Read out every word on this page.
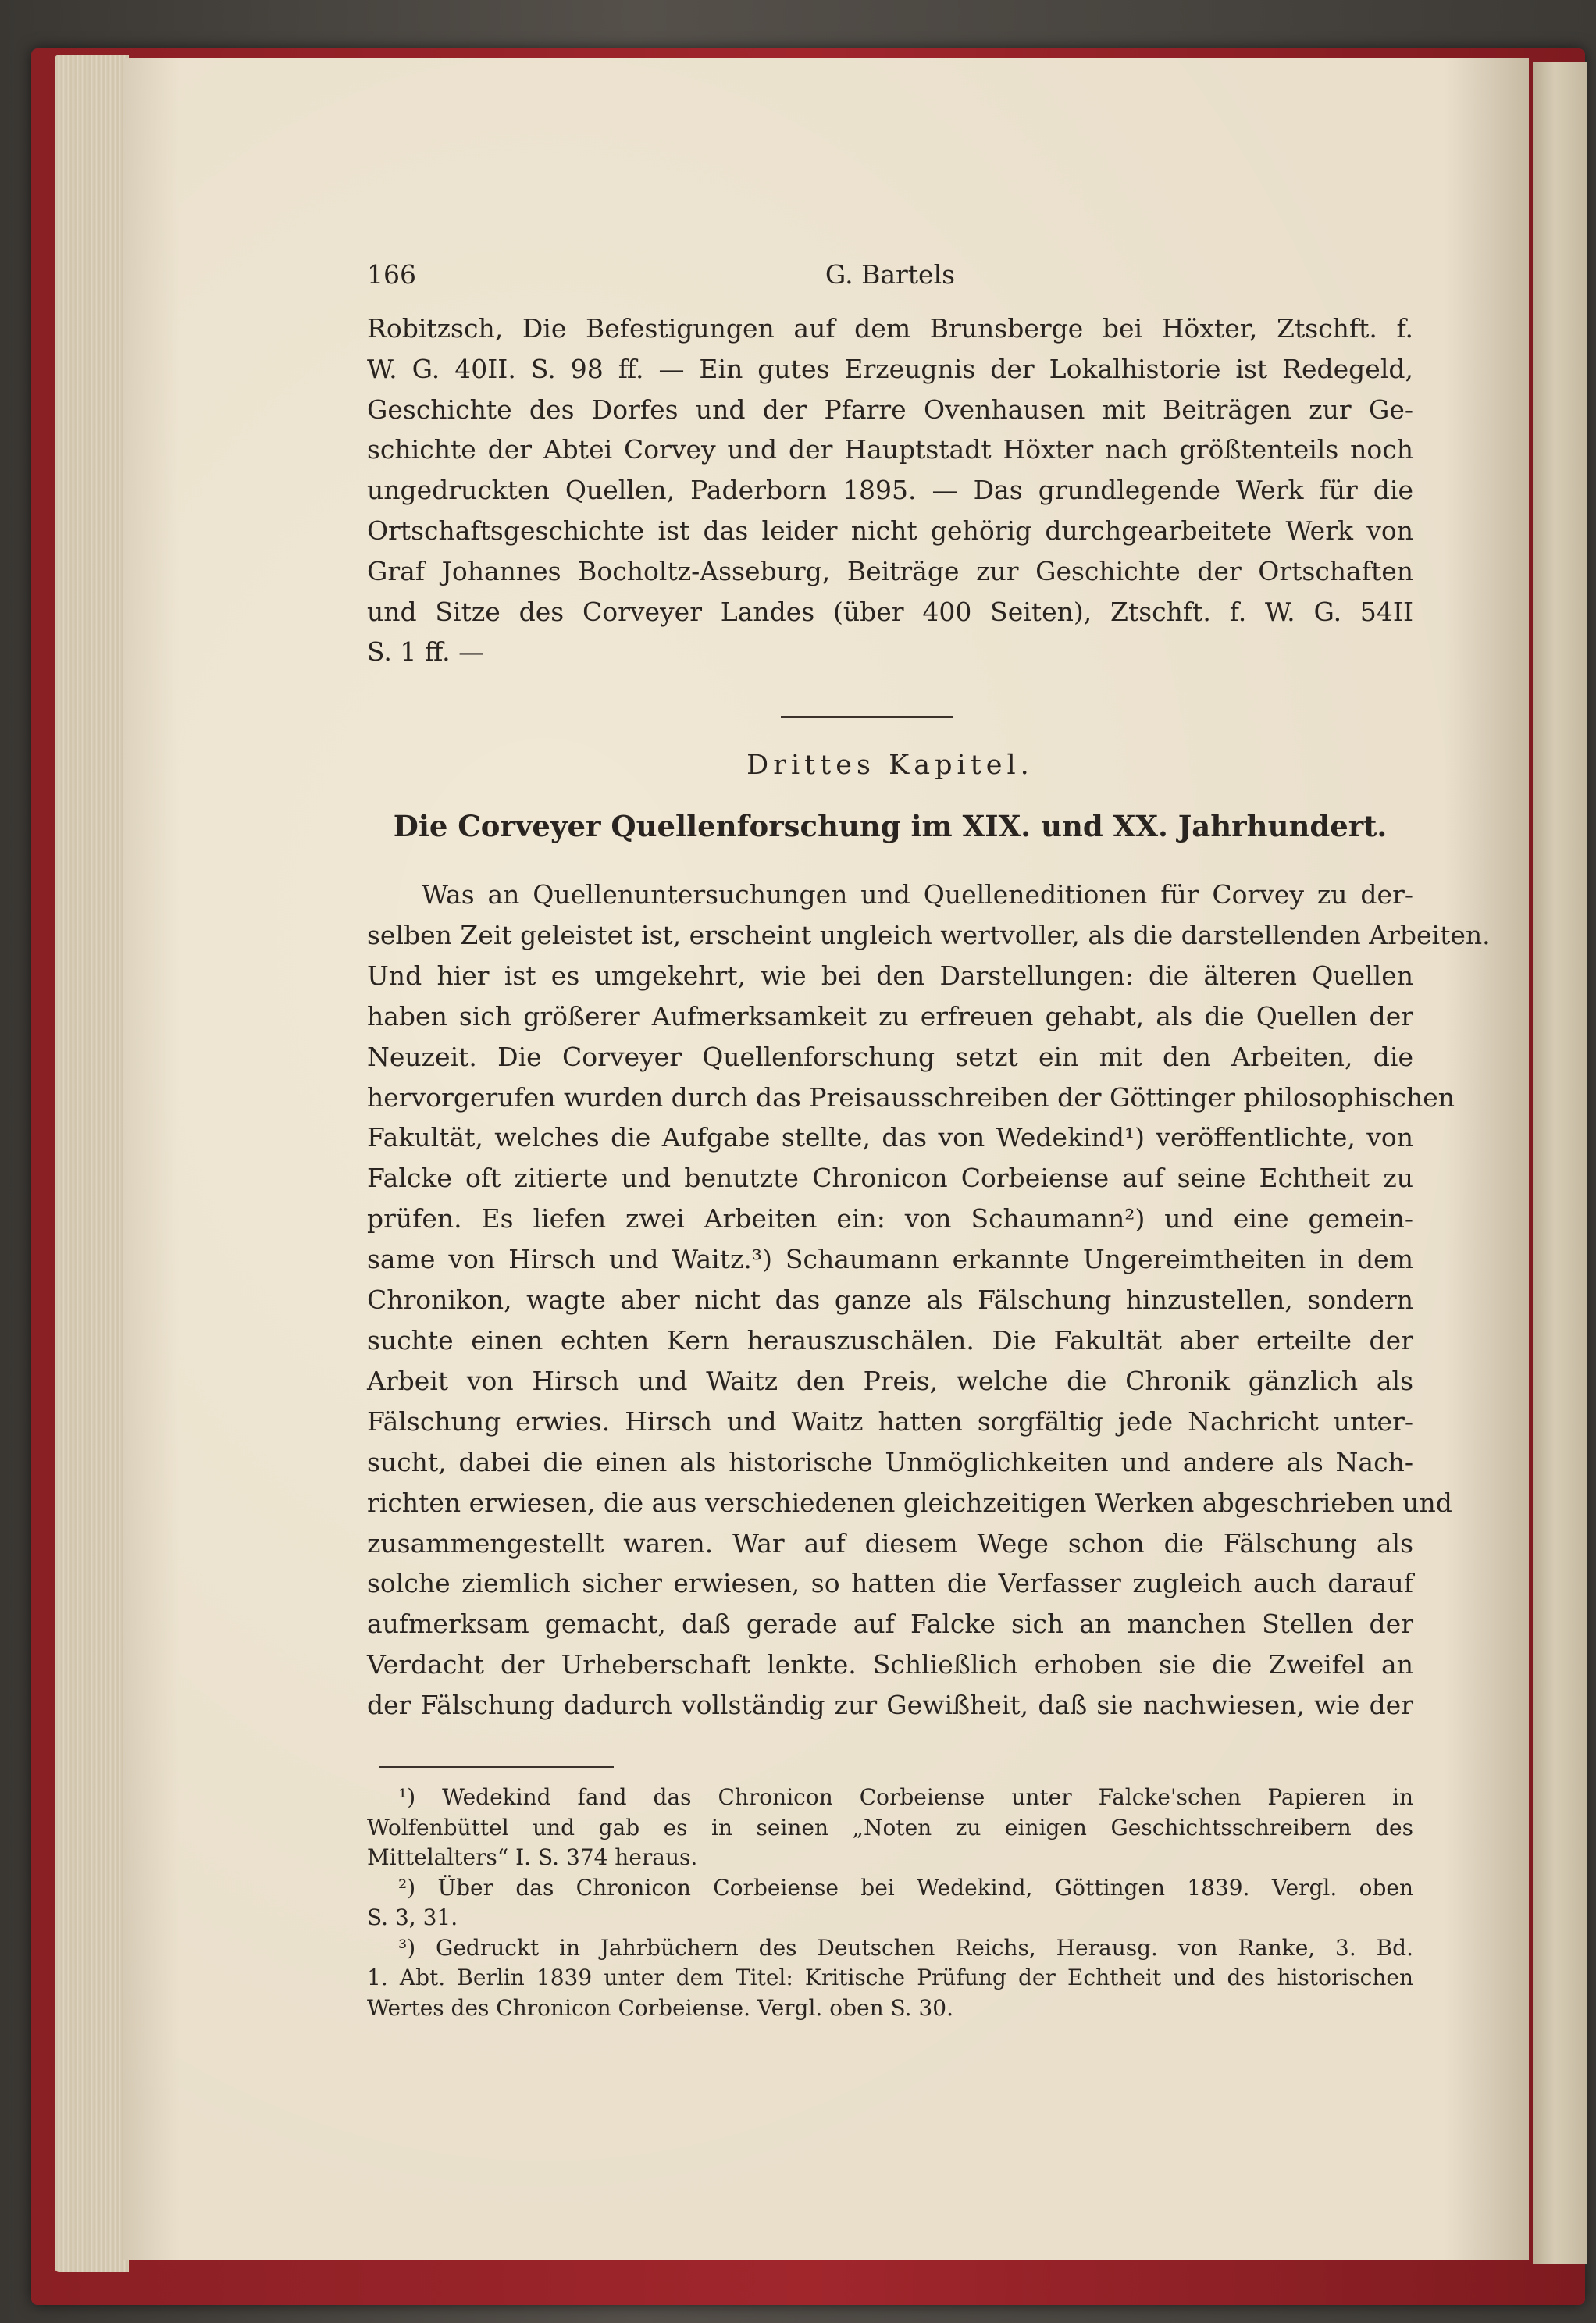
166	G. Bartels
Robitzsch, Die Befestigungen auf dem Brunsberge bei Höxter, Ztschft. f.
W. G. 40II. S. 98 ff. — Ein gutes Erzeugnis der Lokalhistorie ist Redegeld,
Geschichte des Dorfes und der Pfarre Ovenhausen mit Beiträgen zur Ge-
schichte der Abtei Corvey und der Hauptstadt Höxter nach größtenteils noch
ungedruckten Quellen, Paderborn 1895. — Das grundlegende Werk für die
Ortschaftsgeschichte ist das leider nicht gehörig durchgearbeitete Werk von
Graf Johannes Bocholtz-Asseburg, Beiträge zur Geschichte der Ortschaften
und Sitze des Corveyer Landes (über 400 Seiten), Ztschft. f. W. G. 54II
S. 1 ff. —
Drittes Kapitel.
Die Corveyer Quellenforschung im XIX. und XX. Jahrhundert.
Was an Quellenuntersuchungen und Quelleneditionen für Corvey zu der-
selben Zeit geleistet ist, erscheint ungleich wertvoller, als die darstellenden Arbeiten.
Und hier ist es umgekehrt, wie bei den Darstellungen: die älteren Quellen
haben sich größerer Aufmerksamkeit zu erfreuen gehabt, als die Quellen der
Neuzeit. Die Corveyer Quellenforschung setzt ein mit den Arbeiten, die
hervorgerufen wurden durch das Preisausschreiben der Göttinger philosophischen
Fakultät, welches die Aufgabe stellte, das von Wedekind¹) veröffentlichte, von
Falcke oft zitierte und benutzte Chronicon Corbeiense auf seine Echtheit zu
prüfen. Es liefen zwei Arbeiten ein: von Schaumann²) und eine gemein-
same von Hirsch und Waitz.³) Schaumann erkannte Ungereimtheiten in dem
Chronikon, wagte aber nicht das ganze als Fälschung hinzustellen, sondern
suchte einen echten Kern herauszuschälen. Die Fakultät aber erteilte der
Arbeit von Hirsch und Waitz den Preis, welche die Chronik gänzlich als
Fälschung erwies. Hirsch und Waitz hatten sorgfältig jede Nachricht unter-
sucht, dabei die einen als historische Unmöglichkeiten und andere als Nach-
richten erwiesen, die aus verschiedenen gleichzeitigen Werken abgeschrieben und
zusammengestellt waren. War auf diesem Wege schon die Fälschung als
solche ziemlich sicher erwiesen, so hatten die Verfasser zugleich auch darauf
aufmerksam gemacht, daß gerade auf Falcke sich an manchen Stellen der
Verdacht der Urheberschaft lenkte. Schließlich erhoben sie die Zweifel an
der Fälschung dadurch vollständig zur Gewißheit, daß sie nachwiesen, wie der
¹) Wedekind fand das Chronicon Corbeiense unter Falcke'schen Papieren in
Wolfenbüttel und gab es in seinen „Noten zu einigen Geschichtsschreibern des
Mittelalters“ I. S. 374 heraus.
²) Über das Chronicon Corbeiense bei Wedekind, Göttingen 1839. Vergl. oben
S. 3, 31.
³) Gedruckt in Jahrbüchern des Deutschen Reichs, Herausg. von Ranke, 3. Bd.
1. Abt. Berlin 1839 unter dem Titel: Kritische Prüfung der Echtheit und des historischen
Wertes des Chronicon Corbeiense. Vergl. oben S. 30.
